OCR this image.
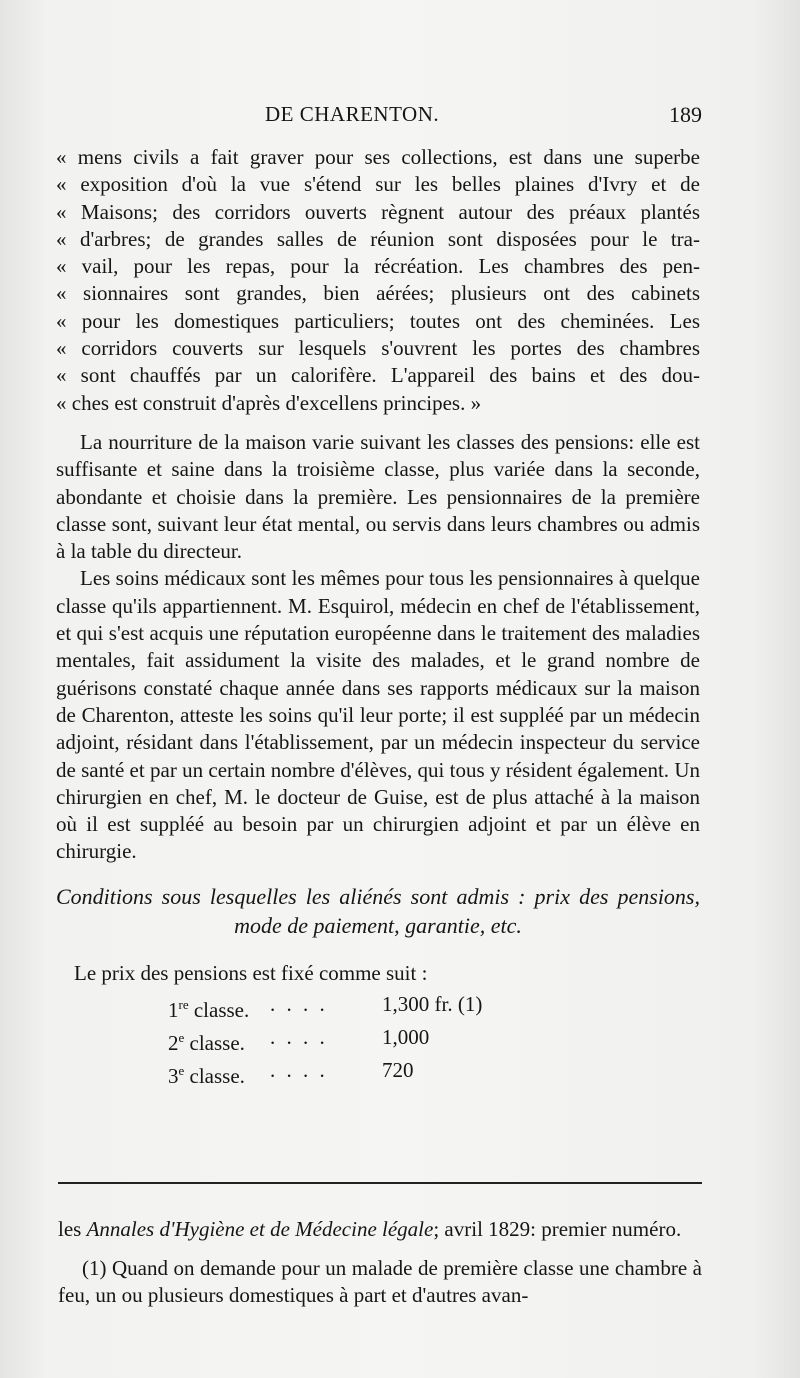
DE CHARENTON.	189
« mens civils a fait graver pour ses collections, est dans une superbe
« exposition d'où la vue s'étend sur les belles plaines d'Ivry et de
« Maisons; des corridors ouverts règnent autour des préaux plantés
« d'arbres; de grandes salles de réunion sont disposées pour le tra-
« vail, pour les repas, pour la récréation. Les chambres des pen-
« sionnaires sont grandes, bien aérées; plusieurs ont des cabinets
« pour les domestiques particuliers; toutes ont des cheminées. Les
« corridors couverts sur lesquels s'ouvrent les portes des chambres
« sont chauffés par un calorifère. L'appareil des bains et des dou-
« ches est construit d'après d'excellens principes. »

La nourriture de la maison varie suivant les classes des pensions: elle est suffisante et saine dans la troisième classe, plus variée dans la seconde, abondante et choisie dans la première. Les pensionnaires de la première classe sont, suivant leur état mental, ou servis dans leurs chambres ou admis à la table du directeur.

Les soins médicaux sont les mêmes pour tous les pensionnaires à quelque classe qu'ils appartiennent. M. Esquirol, médecin en chef de l'établissement, et qui s'est acquis une réputation européenne dans le traitement des maladies mentales, fait assidument la visite des malades, et le grand nombre de guérisons constaté chaque année dans ses rapports médicaux sur la maison de Charenton, atteste les soins qu'il leur porte; il est suppléé par un médecin adjoint, résidant dans l'établissement, par un médecin inspecteur du service de santé et par un certain nombre d'élèves, qui tous y résident également. Un chirurgien en chef, M. le docteur de Guise, est de plus attaché à la maison où il est suppléé au besoin par un chirurgien adjoint et par un élève en chirurgie.

Conditions sous lesquelles les aliénés sont admis : prix des pensions, mode de paiement, garantie, etc.

Le prix des pensions est fixé comme suit :

1re classe. . . . .	1,300 fr. (1)
2e classe.	. . . .	1,000
3e classe.	. . . .	720

les Annales d'Hygiène et de Médecine légale; avril 1829: premier numéro.

(1) Quand on demande pour un malade de première classe une chambre à feu, un ou plusieurs domestiques à part et d'autres avan-
